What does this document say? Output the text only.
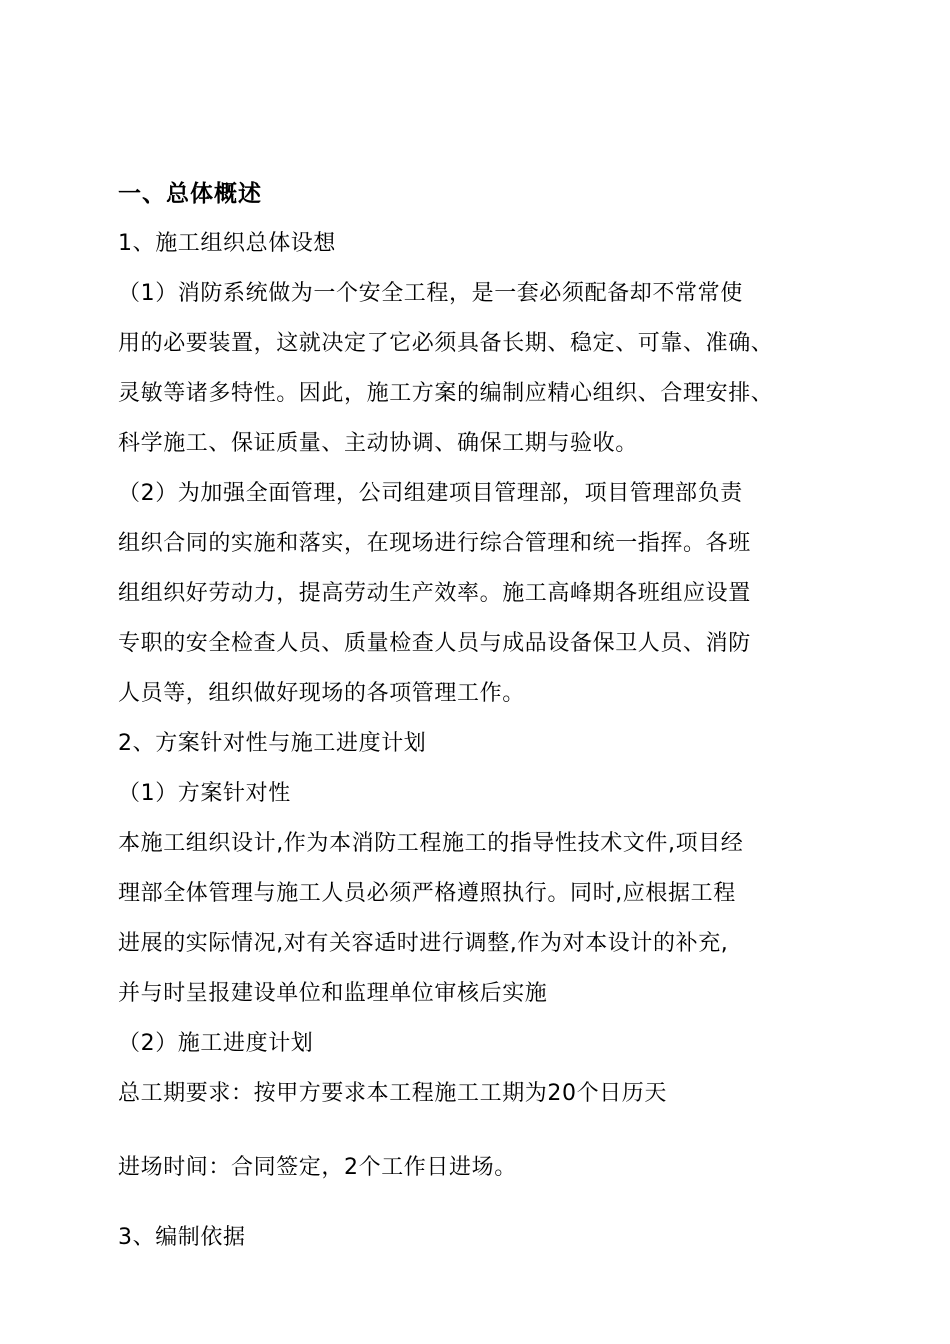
一、总体概述
1、施工组织总体设想
（1）消防系统做为一个安全工程，是一套必须配备却不常常使
用的必要装置，这就决定了它必须具备长期、稳定、可靠、准确、
灵敏等诸多特性。因此，施工方案的编制应精心组织、合理安排、
科学施工、保证质量、主动协调、确保工期与验收。
（2）为加强全面管理，公司组建项目管理部，项目管理部负责
组织合同的实施和落实，在现场进行综合管理和统一指挥。各班
组组织好劳动力，提高劳动生产效率。施工高峰期各班组应设置
专职的安全检查人员、质量检查人员与成品设备保卫人员、消防
人员等，组织做好现场的各项管理工作。
2、方案针对性与施工进度计划
（1）方案针对性
本施工组织设计,作为本消防工程施工的指导性技术文件,项目经
理部全体管理与施工人员必须严格遵照执行。同时,应根据工程
进展的实际情况,对有关容适时进行调整,作为对本设计的补充,
并与时呈报建设单位和监理单位审核后实施
（2）施工进度计划
总工期要求：按甲方要求本工程施工工期为20个日历天
进场时间：合同签定，2个工作日进场。
3、编制依据
